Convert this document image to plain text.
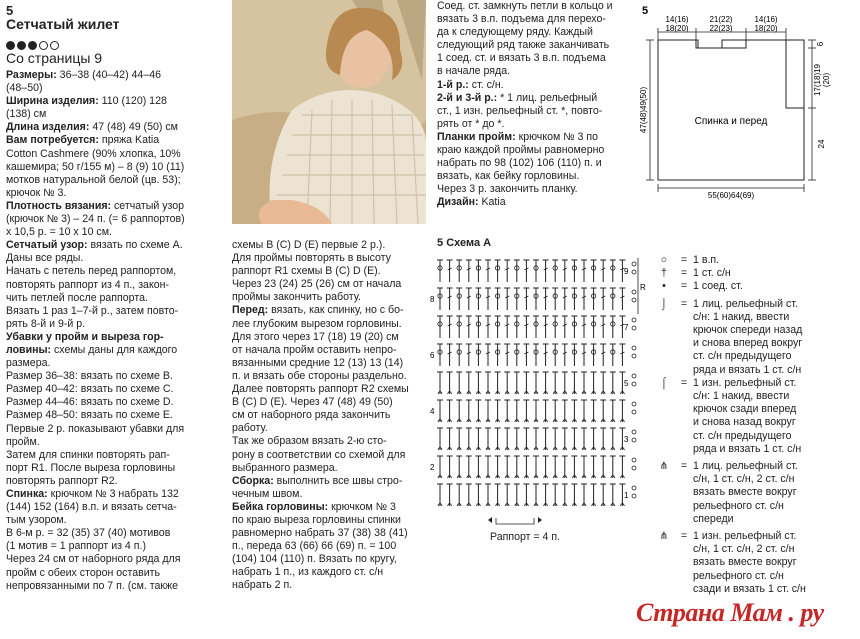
5
Сетчатый жилет
Со страницы 9
Размеры: 36–38 (40–42) 44–46
(48–50)
Ширина изделия: 110 (120) 128
(138) см
Длина изделия: 47 (48) 49 (50) см
Вам потребуется: пряжа Katia
Cotton Cashmere (90% хлопка, 10%
кашемира; 50 г/155 м) – 8 (9) 10 (11)
мотков натуральной белой (цв. 53);
крючок № 3.
Плотность вязания: сетчатый узор
(крючок № 3) – 24 п. (= 6 раппортов)
х 10,5 р. = 10 х 10 см.
Сетчатый узор: вязать по схеме А.
Даны все ряды.
Начать с петель перед раппортом,
повторять раппорт из 4 п., закон-
чить петлей после раппорта.
Вязать 1 раз 1–7-й р., затем повто-
рять 8-й и 9-й р.
Убавки у пройм и выреза гор-
ловины: схемы даны для каждого
размера.
Размер 36–38: вязать по схеме В.
Размер 40–42: вязать по схеме С.
Размер 44–46: вязать по схеме D.
Размер 48–50: вязать по схеме Е.
Первые 2 р. показывают убавки для
пройм.
Затем для спинки повторять рап-
порт R1. После выреза горловины
повторять раппорт R2.
Спинка: крючком № 3 набрать 132
(144) 152 (164) в.п. и вязать сетча-
тым узором.
В 6-м р. = 32 (35) 37 (40) мотивов
(1 мотив = 1 раппорт из 4 п.)
Через 24 см от наборного ряда для
пройм с обеих сторон оставить
непровязанными по 7 п. (см. также
схемы В (С) D (Е) первые 2 р.).
Для проймы повторять в высоту
раппорт R1 схемы В (С) D (Е).
Через 23 (24) 25 (26) см от начала
проймы закончить работу.
Перед: вязать, как спинку, но с бо-
лее глубоким вырезом горловины.
Для этого через 17 (18) 19 (20) см
от начала пройм оставить непро-
вязанными средние 12 (13) 13 (14)
п. и вязать обе стороны раздельно.
Далее повторять раппорт R2 схемы
В (С) D (Е). Через 47 (48) 49 (50)
см от наборного ряда закончить
работу.
Так же образом вязать 2-ю сто-
рону в соответствии со схемой для
выбранного размера.
Сборка: выполнить все швы стро-
чечным швом.
Бейка горловины: крючком № 3
по краю выреза горловины спинки
равномерно набрать 37 (38) 38 (41)
п., переда 63 (66) 66 (69) п. = 100
(104) 104 (110) п. Вязать по кругу,
набрать 1 п., из каждого ст. с/н
набрать 2 п.
Соед. ст. замкнуть петли в кольцо и
вязать 3 в.п. подъема для перехо-
да к следующему ряду. Каждый
следующий ряд также заканчивать
1 соед. ст. и вязать 3 в.п. подъема
в начале ряда.
1-й р.: ст. с/н.
2-й и 3-й р.: * 1 лиц. рельефный
ст., 1 изн. рельефный ст. *, повто-
рять от * до *.
Планки пройм: крючком № 3 по
краю каждой проймы равномерно
набрать по 98 (102) 106 (110) п. и
вязать, как бейку горловины.
Через 3 р. закончить планку.
Дизайн: Katia
5
14(16)
18(20)
21(22)
22(23)
14(16)
18(20)
6
17(18)19 (20)
24
47(48)49(50)
55(60)64(69)
Спинка и перед
5 Схема А
9
8
7
6
5
4
3
2
1
R
Раппорт = 4 п.
○	= 1 в.п.
†	= 1 ст. с/н
•	= 1 соед. ст.
⌡	= 1 лиц. рельефный ст.
с/н: 1 накид, ввести
крючок спереди назад
и снова вперед вокруг
ст. с/н предыдущего
ряда и вязать 1 ст. с/н
⌠	= 1 изн. рельефный ст.
с/н: 1 накид, ввести
крючок сзади вперед
и снова назад вокруг
ст. с/н предыдущего
ряда и вязать 1 ст. с/н
⋔	= 1 лиц. рельефный ст.
с/н, 1 ст. с/н, 2 ст. с/н
вязать вместе вокруг
рельефного ст. с/н
спереди
⋔	= 1 изн. рельефный ст.
с/н, 1 ст. с/н, 2 ст. с/н
вязать вместе вокруг
рельефного ст. с/н
сзади и вязать 1 ст. с/н
Страна Мам . ру
